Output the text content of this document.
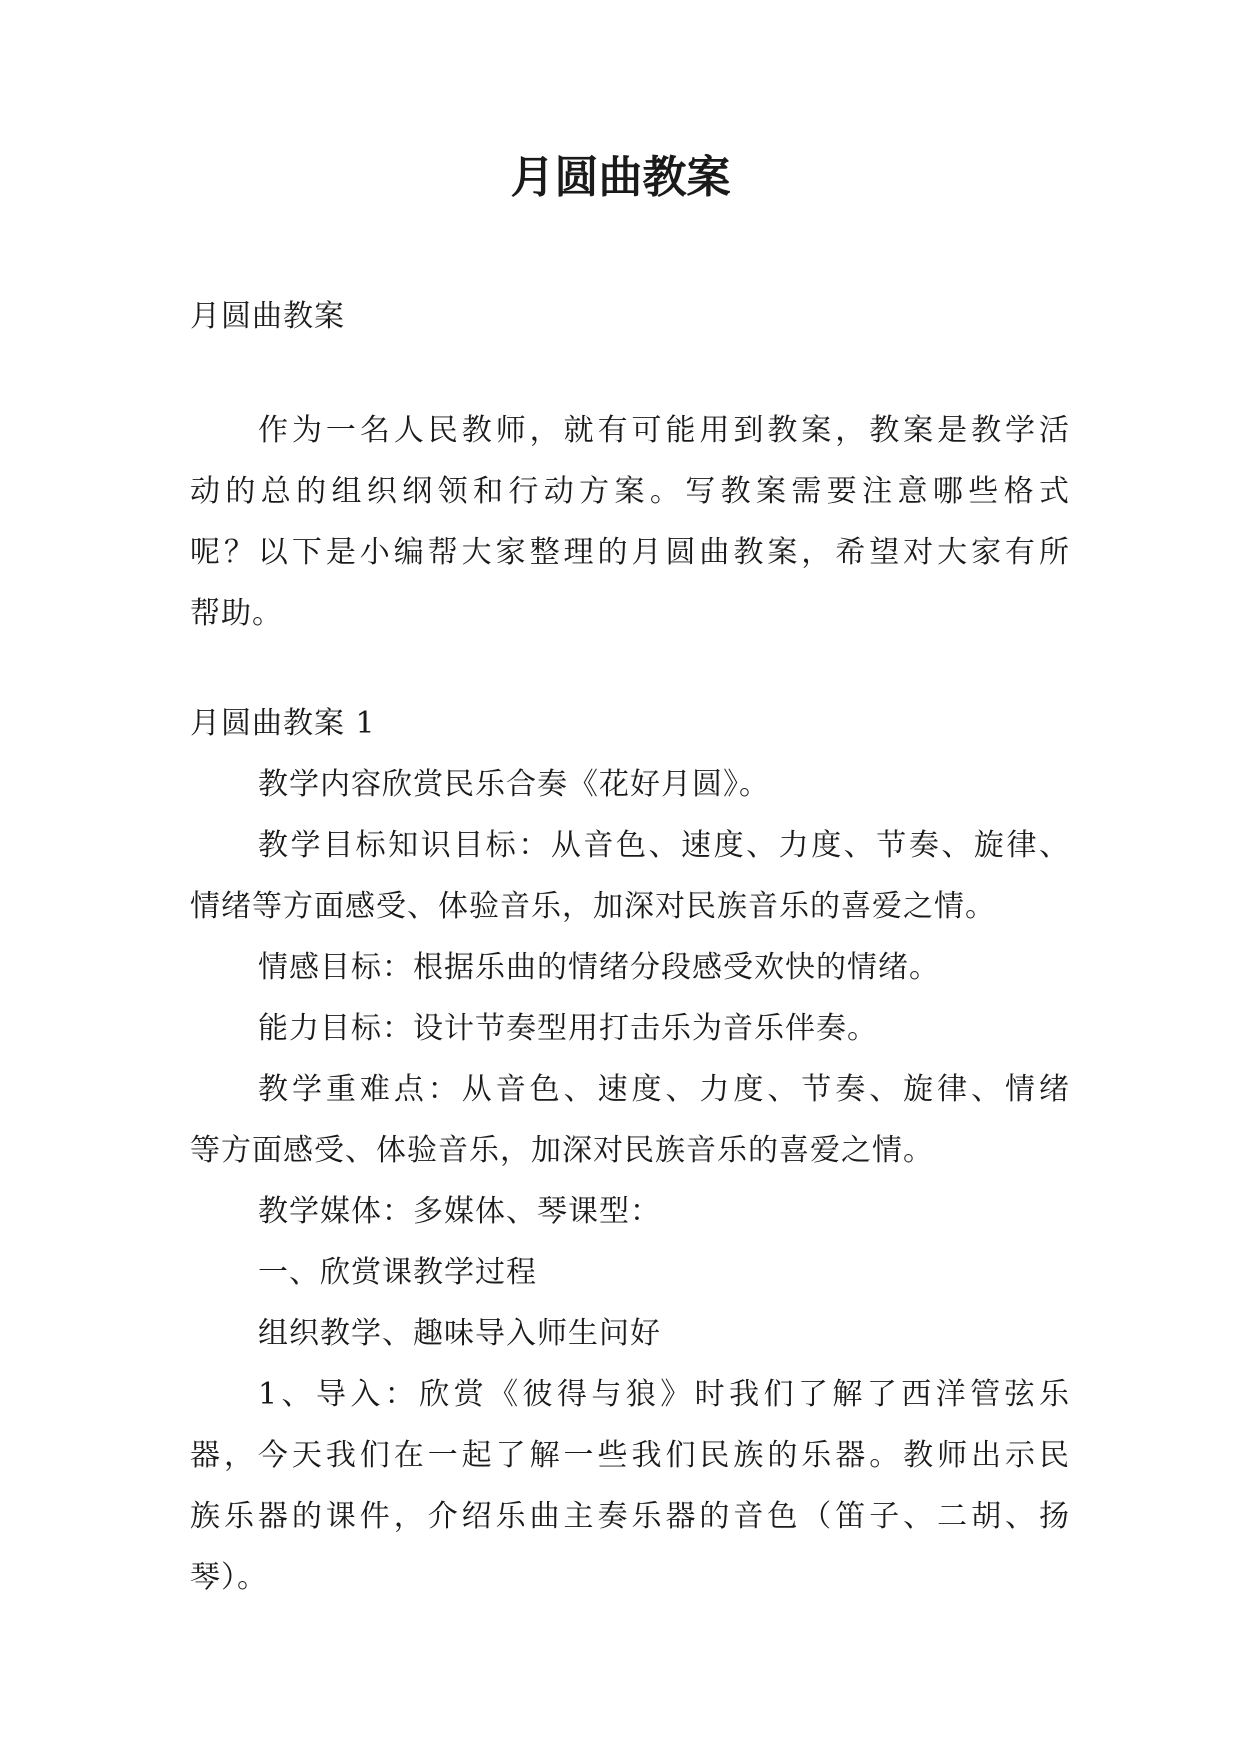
月圆曲教案
月圆曲教案
作为一名人民教师，就有可能用到教案，教案是教学活
动的总的组织纲领和行动方案。写教案需要注意哪些格式
呢？以下是小编帮大家整理的月圆曲教案，希望对大家有所
帮助。
月圆曲教案 1
教学内容欣赏民乐合奏《花好月圆》。
教学目标知识目标：从音色、速度、力度、节奏、旋律、
情绪等方面感受、体验音乐，加深对民族音乐的喜爱之情。
情感目标：根据乐曲的情绪分段感受欢快的情绪。
能力目标：设计节奏型用打击乐为音乐伴奏。
教学重难点：从音色、速度、力度、节奏、旋律、情绪
等方面感受、体验音乐，加深对民族音乐的喜爱之情。
教学媒体：多媒体、琴课型：
一、欣赏课教学过程
组织教学、趣味导入师生问好
1、导入：欣赏《彼得与狼》时我们了解了西洋管弦乐
器，今天我们在一起了解一些我们民族的乐器。教师出示民
族乐器的课件，介绍乐曲主奏乐器的音色（笛子、二胡、扬
琴）。
